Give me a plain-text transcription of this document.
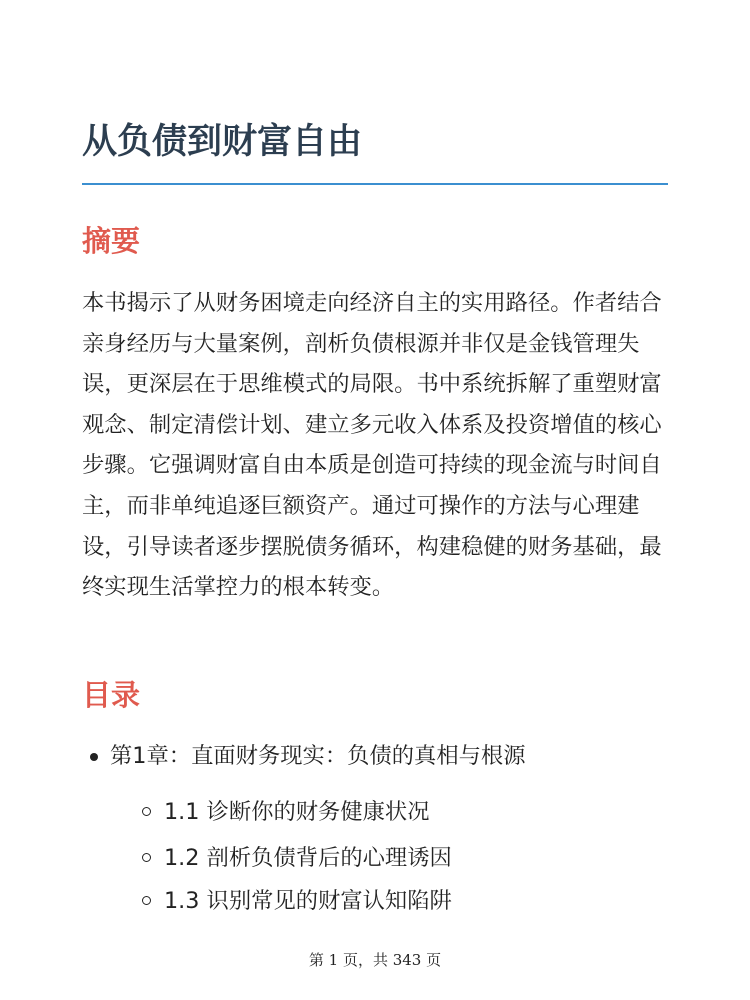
从负债到财富自由
摘要

本书揭示了从财务困境走向经济自主的实用路径。作者结合亲身经历与大量案例，剖析负债根源并非仅是金钱管理失误，更深层在于思维模式的局限。书中系统拆解了重塑财富观念、制定清偿计划、建立多元收入体系及投资增值的核心步骤。它强调财富自由本质是创造可持续的现金流与时间自主，而非单纯追逐巨额资产。通过可操作的方法与心理建设，引导读者逐步摆脱债务循环，构建稳健的财务基础，最终实现生活掌控力的根本转变。

目录
第1章：直面财务现实：负债的真相与根源
1.1 诊断你的财务健康状况
1.2 剖析负债背后的心理诱因
1.3 识别常见的财富认知陷阱
第 1 页，共 343 页
